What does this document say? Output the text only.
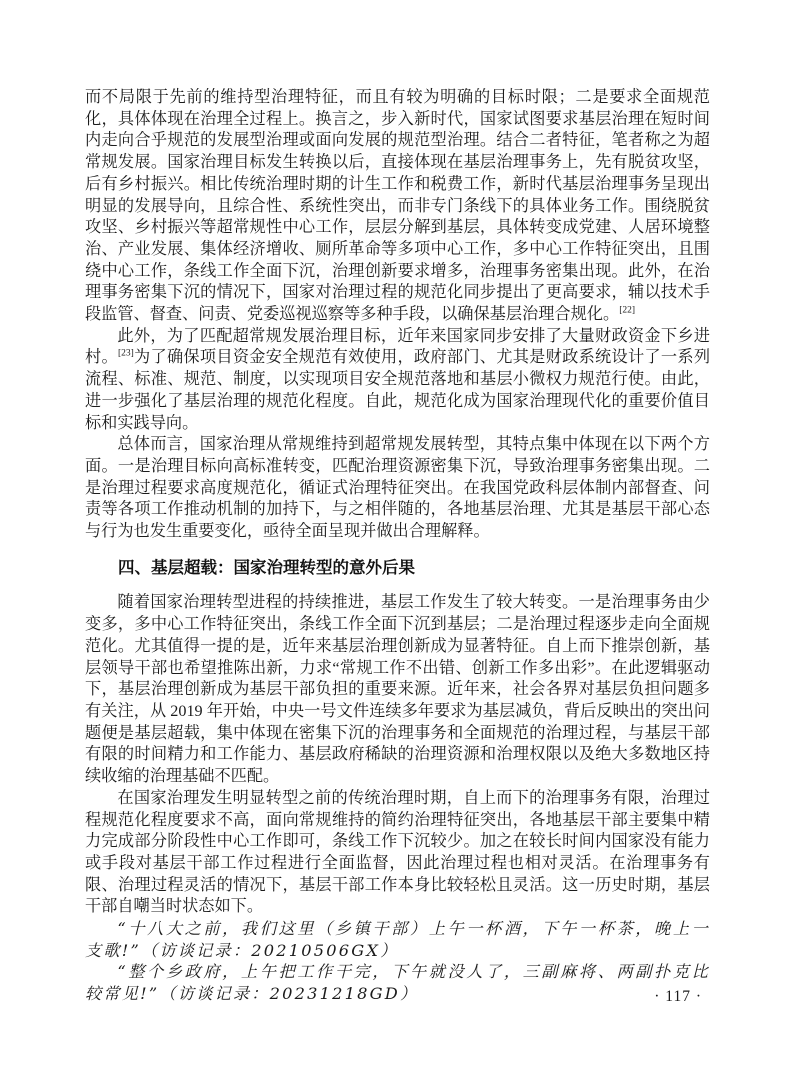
而不局限于先前的维持型治理特征，而且有较为明确的目标时限；二是要求全面规范化，具体体现在治理全过程上。换言之，步入新时代，国家试图要求基层治理在短时间内走向合乎规范的发展型治理或面向发展的规范型治理。结合二者特征，笔者称之为超常规发展。国家治理目标发生转换以后，直接体现在基层治理事务上，先有脱贫攻坚，后有乡村振兴。相比传统治理时期的计生工作和税费工作，新时代基层治理事务呈现出明显的发展导向，且综合性、系统性突出，而非专门条线下的具体业务工作。围绕脱贫攻坚、乡村振兴等超常规性中心工作，层层分解到基层，具体转变成党建、人居环境整治、产业发展、集体经济增收、厕所革命等多项中心工作，多中心工作特征突出，且围绕中心工作，条线工作全面下沉，治理创新要求增多，治理事务密集出现。此外，在治理事务密集下沉的情况下，国家对治理过程的规范化同步提出了更高要求，辅以技术手段监管、督查、问责、党委巡视巡察等多种手段，以确保基层治理合规化。[22]

此外，为了匹配超常规发展治理目标，近年来国家同步安排了大量财政资金下乡进村。[23]为了确保项目资金安全规范有效使用，政府部门、尤其是财政系统设计了一系列流程、标准、规范、制度，以实现项目安全规范落地和基层小微权力规范行使。由此，进一步强化了基层治理的规范化程度。自此，规范化成为国家治理现代化的重要价值目标和实践导向。

总体而言，国家治理从常规维持到超常规发展转型，其特点集中体现在以下两个方面。一是治理目标向高标准转变，匹配治理资源密集下沉，导致治理事务密集出现。二是治理过程要求高度规范化，循证式治理特征突出。在我国党政科层体制内部督查、问责等各项工作推动机制的加持下，与之相伴随的，各地基层治理、尤其是基层干部心态与行为也发生重要变化，亟待全面呈现并做出合理解释。

四、基层超载：国家治理转型的意外后果

随着国家治理转型进程的持续推进，基层工作发生了较大转变。一是治理事务由少变多，多中心工作特征突出，条线工作全面下沉到基层；二是治理过程逐步走向全面规范化。尤其值得一提的是，近年来基层治理创新成为显著特征。自上而下推崇创新，基层领导干部也希望推陈出新，力求“常规工作不出错、创新工作多出彩”。在此逻辑驱动下，基层治理创新成为基层干部负担的重要来源。近年来，社会各界对基层负担问题多有关注，从 2019 年开始，中央一号文件连续多年要求为基层减负，背后反映出的突出问题便是基层超载，集中体现在密集下沉的治理事务和全面规范的治理过程，与基层干部有限的时间精力和工作能力、基层政府稀缺的治理资源和治理权限以及绝大多数地区持续收缩的治理基础不匹配。

在国家治理发生明显转型之前的传统治理时期，自上而下的治理事务有限，治理过程规范化程度要求不高，面向常规维持的简约治理特征突出，各地基层干部主要集中精力完成部分阶段性中心工作即可，条线工作下沉较少。加之在较长时间内国家没有能力或手段对基层干部工作过程进行全面监督，因此治理过程也相对灵活。在治理事务有限、治理过程灵活的情况下，基层干部工作本身比较轻松且灵活。这一历史时期，基层干部自嘲当时状态如下。

“十八大之前，我们这里（乡镇干部）上午一杯酒，下午一杯茶，晚上一支歌!”（访谈记录：20210506GX）

“整个乡政府，上午把工作干完，下午就没人了，三副麻将、两副扑克比较常见!”（访谈记录：20231218GD）	· 117 ·
